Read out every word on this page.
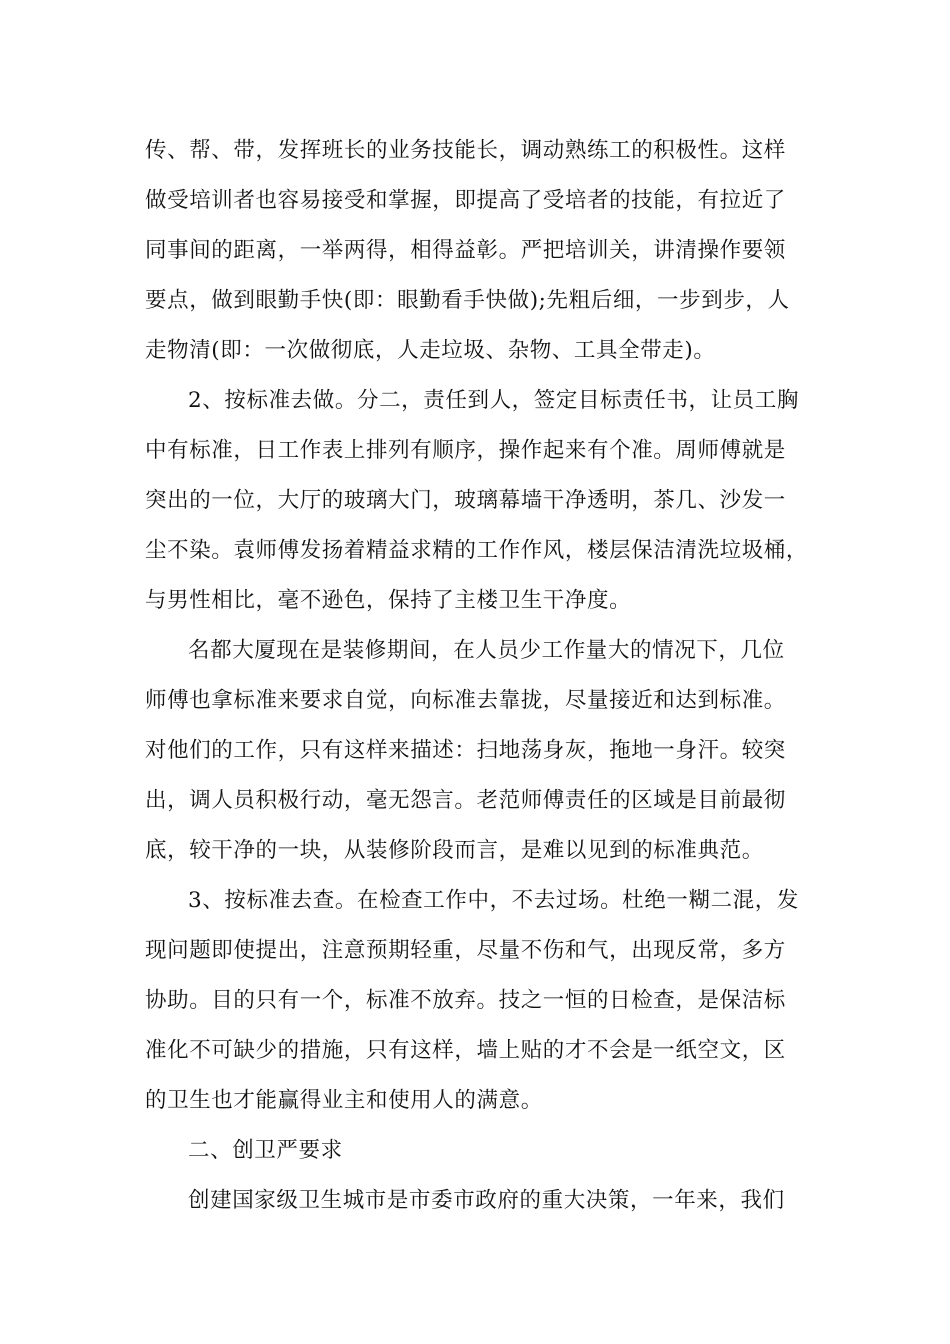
传、帮、带，发挥班长的业务技能长，调动熟练工的积极性。这样
做受培训者也容易接受和掌握，即提高了受培者的技能，有拉近了
同事间的距离，一举两得，相得益彰。严把培训关，讲清操作要领
要点，做到眼勤手快(即：眼勤看手快做);先粗后细，一步到步，人
走物清(即：一次做彻底，人走垃圾、杂物、工具全带走)。
2、按标准去做。分二，责任到人，签定目标责任书，让员工胸
中有标准，日工作表上排列有顺序，操作起来有个准。周师傅就是
突出的一位，大厅的玻璃大门，玻璃幕墙干净透明，茶几、沙发一
尘不染。袁师傅发扬着精益求精的工作作风，楼层保洁清洗垃圾桶，
与男性相比，毫不逊色，保持了主楼卫生干净度。
名都大厦现在是装修期间，在人员少工作量大的情况下，几位
师傅也拿标准来要求自觉，向标准去靠拢，尽量接近和达到标准。
对他们的工作，只有这样来描述：扫地荡身灰，拖地一身汗。较突
出，调人员积极行动，毫无怨言。老范师傅责任的区域是目前最彻
底，较干净的一块，从装修阶段而言，是难以见到的标准典范。
3、按标准去查。在检查工作中，不去过场。杜绝一糊二混，发
现问题即使提出，注意预期轻重，尽量不伤和气，出现反常，多方
协助。目的只有一个，标准不放弃。技之一恒的日检查，是保洁标
准化不可缺少的措施，只有这样，墙上贴的才不会是一纸空文，区
的卫生也才能赢得业主和使用人的满意。
二、创卫严要求
创建国家级卫生城市是市委市政府的重大决策，一年来，我们
